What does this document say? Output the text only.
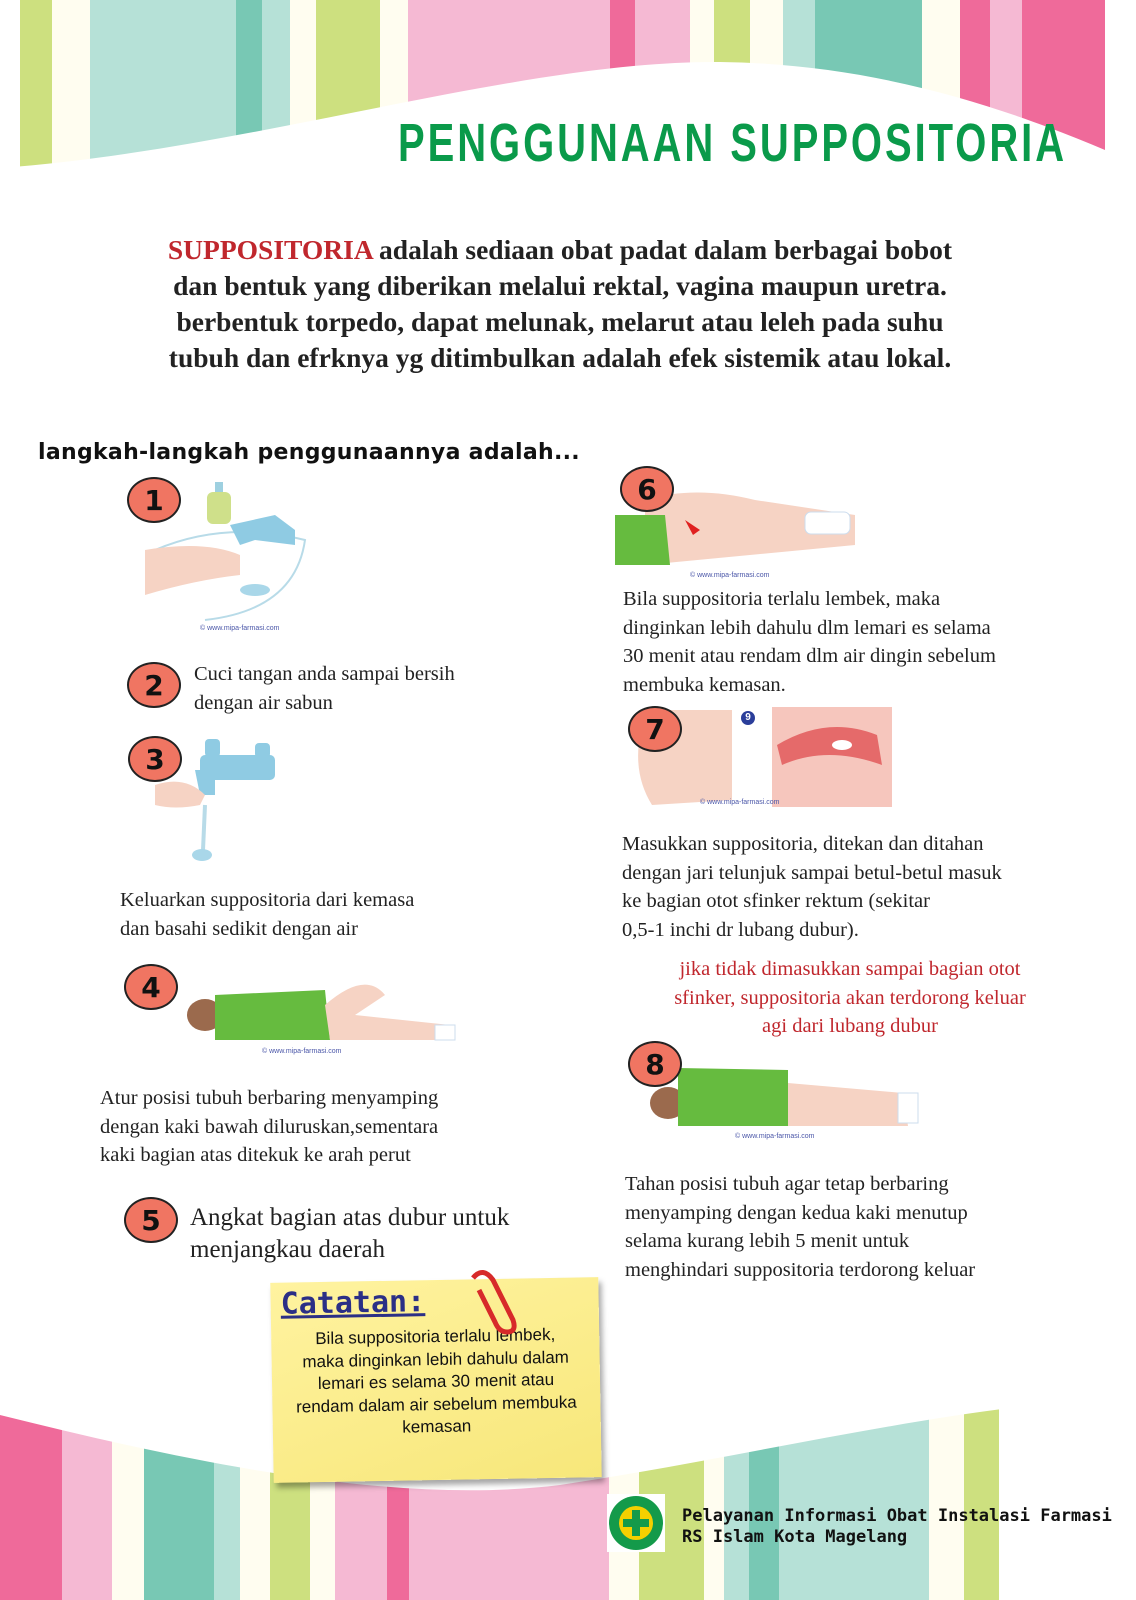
PENGGUNAAN SUPPOSITORIA
SUPPOSITORIA adalah sediaan obat padat dalam berbagai bobot
dan bentuk yang diberikan melalui rektal, vagina maupun uretra.
berbentuk torpedo, dapat melunak, melarut atau leleh pada suhu
tubuh dan efrknya yg ditimbulkan adalah efek sistemik atau lokal.
langkah-langkah penggunaannya adalah...
1
© www.mipa-farmasi.com
2	Cuci tangan anda sampai bersih
dengan air sabun
3
Keluarkan suppositoria dari kemasa
dan basahi sedikit dengan air
4
© www.mipa-farmasi.com
Atur posisi tubuh berbaring menyamping
dengan kaki bawah diluruskan,sementara
kaki bagian atas ditekuk ke arah perut
5	Angkat bagian atas dubur untuk
menjangkau daerah
6
© www.mipa-farmasi.com
Bila suppositoria terlalu lembek, maka
dinginkan lebih dahulu dlm lemari es selama
30 menit atau rendam dlm air dingin sebelum
membuka kemasan.
7	9
© www.mipa-farmasi.com
Masukkan suppositoria, ditekan dan ditahan
dengan jari telunjuk sampai betul-betul masuk
ke bagian otot sfinker rektum (sekitar
0,5-1 inchi dr lubang dubur).
jika tidak dimasukkan sampai bagian otot
sfinker, suppositoria akan terdorong keluar
agi dari lubang dubur
8
© www.mipa-farmasi.com
Tahan posisi tubuh agar tetap berbaring
menyamping dengan kedua kaki menutup
selama kurang lebih 5 menit untuk
menghindari suppositoria terdorong keluar
Catatan:
Bila suppositoria terlalu lembek,
maka dinginkan lebih dahulu dalam
lemari es selama 30 menit atau
rendam dalam air sebelum membuka
kemasan
Pelayanan Informasi Obat Instalasi Farmasi
RS Islam Kota Magelang
